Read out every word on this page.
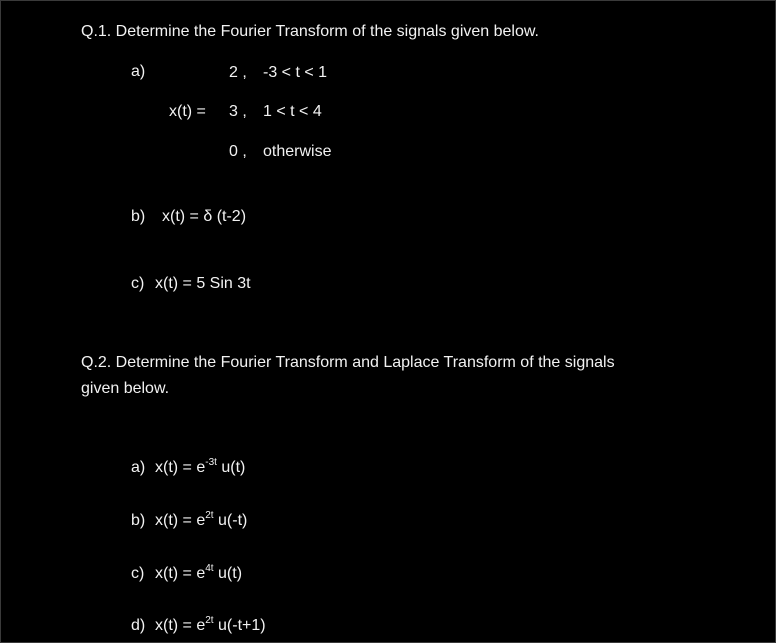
Q.1. Determine the Fourier Transform of the signals given below.
a)	2 , -3 < t < 1
x(t) = 3 , 1 < t < 4
0 , otherwise
b) x(t) = δ (t-2)
c) x(t) = 5 Sin 3t
Q.2. Determine the Fourier Transform and Laplace Transform of the signals
given below.
a) $x(t) = e^{-3t}$ u(t)
b) $x(t) = e^{2t}$ u(-t)
c) $x(t) = e^{4t}$ u(t)
d) $x(t) = e^{2t}$ u(-t+1)
